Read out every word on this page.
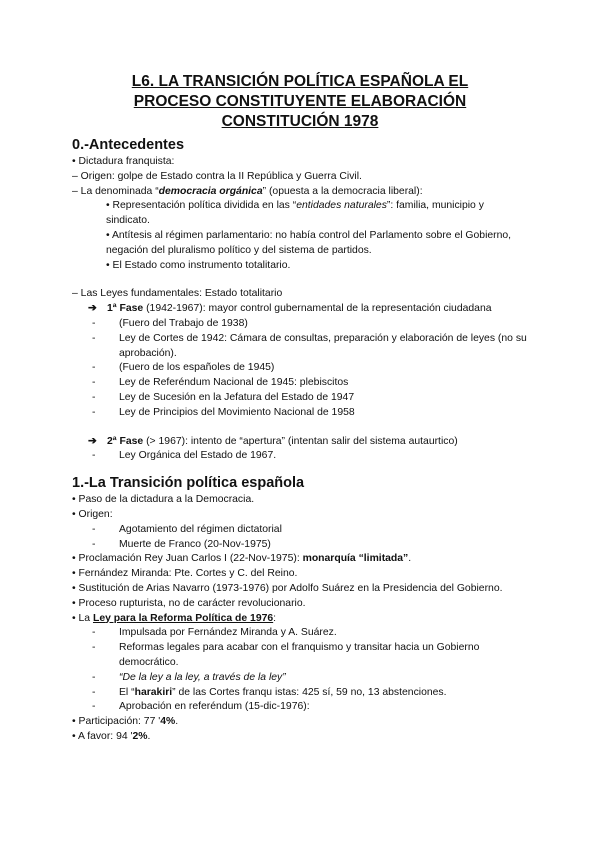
L6. LA TRANSICIÓN POLÍTICA ESPAÑOLA EL
PROCESO CONSTITUYENTE ELABORACIÓN
CONSTITUCIÓN 1978
0.-Antecedentes
• Dictadura franquista:
– Origen: golpe de Estado contra la II República y Guerra Civil.
– La denominada “democracia orgánica” (opuesta a la democracia liberal):
• Representación política dividida en las “entidades naturales”: familia, municipio y sindicato.
• Antítesis al régimen parlamentario: no había control del Parlamento sobre el Gobierno, negación del pluralismo político y del sistema de partidos.
• El Estado como instrumento totalitario.
– Las Leyes fundamentales: Estado totalitario
➔ 1ª Fase (1942-1967): mayor control gubernamental de la representación ciudadana
- (Fuero del Trabajo de 1938)
- Ley de Cortes de 1942: Cámara de consultas, preparación y elaboración de leyes (no su aprobación).
- (Fuero de los españoles de 1945)
- Ley de Referéndum Nacional de 1945: plebiscitos
- Ley de Sucesión en la Jefatura del Estado de 1947
- Ley de Principios del Movimiento Nacional de 1958
➔ 2ª Fase (> 1967): intento de “apertura” (intentan salir del sistema autaurtico)
- Ley Orgánica del Estado de 1967.
1.-La Transición política española
• Paso de la dictadura a la Democracia.
• Origen:
- Agotamiento del régimen dictatorial
- Muerte de Franco (20-Nov-1975)
• Proclamación Rey Juan Carlos I (22-Nov-1975): monarquía “limitada”.
• Fernández Miranda: Pte. Cortes y C. del Reino.
• Sustitución de Arias Navarro (1973-1976) por Adolfo Suárez en la Presidencia del Gobierno.
• Proceso rupturista, no de carácter revolucionario.
• La Ley para la Reforma Política de 1976:
- Impulsada por Fernández Miranda y A. Suárez.
- Reformas legales para acabar con el franquismo y transitar hacia un Gobierno democrático.
- “De la ley a la ley, a través de la ley”
- El “harakiri” de las Cortes franqu istas: 425 sí, 59 no, 13 abstenciones.
- Aprobación en referéndum (15-dic-1976):
• Participación: 77 '4%.
• A favor: 94 '2%.
